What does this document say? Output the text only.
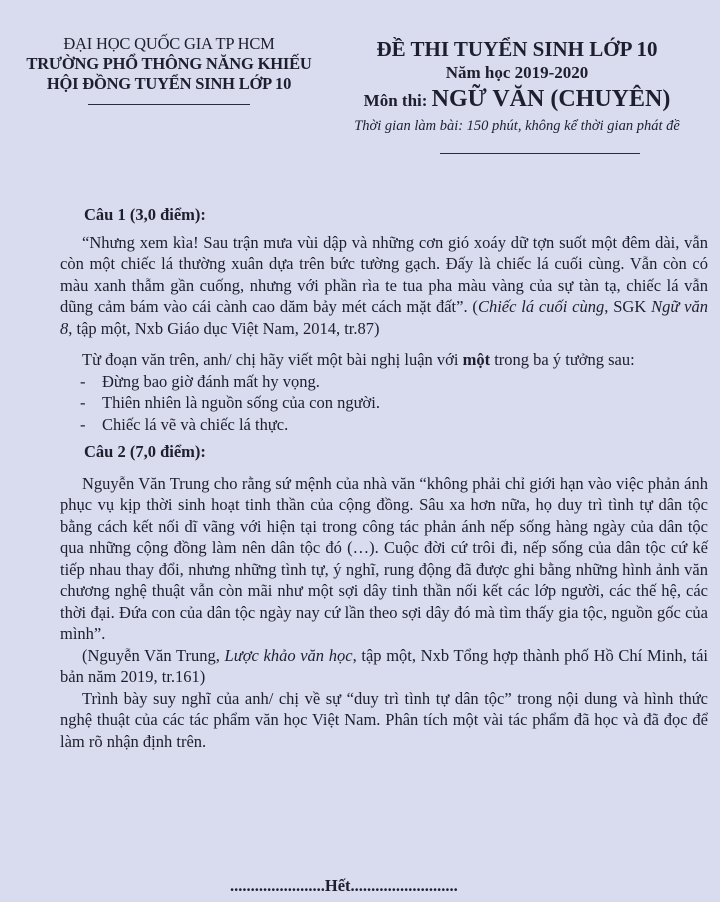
ĐẠI HỌC QUỐC GIA TP HCM
TRƯỜNG PHỔ THÔNG NĂNG KHIẾU
HỘI ĐỒNG TUYỂN SINH LỚP 10
ĐỀ THI TUYỂN SINH LỚP 10
Năm học 2019-2020
Môn thi: NGỮ VĂN (CHUYÊN)
Thời gian làm bài: 150 phút, không kể thời gian phát đề
Câu 1 (3,0 điểm):

“Nhưng xem kìa! Sau trận mưa vùi dập và những cơn gió xoáy dữ tợn suốt một đêm dài, vẫn còn một chiếc lá thường xuân dựa trên bức tường gạch. Đấy là chiếc lá cuối cùng. Vẫn còn có màu xanh thẫm gần cuống, nhưng với phần rìa te tua pha màu vàng của sự tàn tạ, chiếc lá vẫn dũng cảm bám vào cái cành cao dăm bảy mét cách mặt đất”. (Chiếc lá cuối cùng, SGK Ngữ văn 8, tập một, Nxb Giáo dục Việt Nam, 2014, tr.87)

Từ đoạn văn trên, anh/ chị hãy viết một bài nghị luận với một trong ba ý tưởng sau:

- Đừng bao giờ đánh mất hy vọng.
- Thiên nhiên là nguồn sống của con người.
- Chiếc lá vẽ và chiếc lá thực.
Câu 2 (7,0 điểm):

Nguyễn Văn Trung cho rằng sứ mệnh của nhà văn “không phải chỉ giới hạn vào việc phản ánh phục vụ kịp thời sinh hoạt tinh thần của cộng đồng. Sâu xa hơn nữa, họ duy trì tình tự dân tộc bằng cách kết nối dĩ vãng với hiện tại trong công tác phản ánh nếp sống hàng ngày của dân tộc qua những cộng đồng làm nên dân tộc đó (…). Cuộc đời cứ trôi đi, nếp sống của dân tộc cứ kế tiếp nhau thay đổi, nhưng những tình tự, ý nghĩ, rung động đã được ghi bằng những hình ảnh văn chương nghệ thuật vẫn còn mãi như một sợi dây tinh thần nối kết các lớp người, các thế hệ, các thời đại. Đứa con của dân tộc ngày nay cứ lần theo sợi dây đó mà tìm thấy gia tộc, nguồn gốc của mình”.

(Nguyễn Văn Trung, Lược khảo văn học, tập một, Nxb Tổng hợp thành phố Hồ Chí Minh, tái bản năm 2019, tr.161)

Trình bày suy nghĩ của anh/ chị về sự “duy trì tình tự dân tộc” trong nội dung và hình thức nghệ thuật của các tác phẩm văn học Việt Nam. Phân tích một vài tác phẩm đã học và đã đọc để làm rõ nhận định trên.

.......................Hết..........................
